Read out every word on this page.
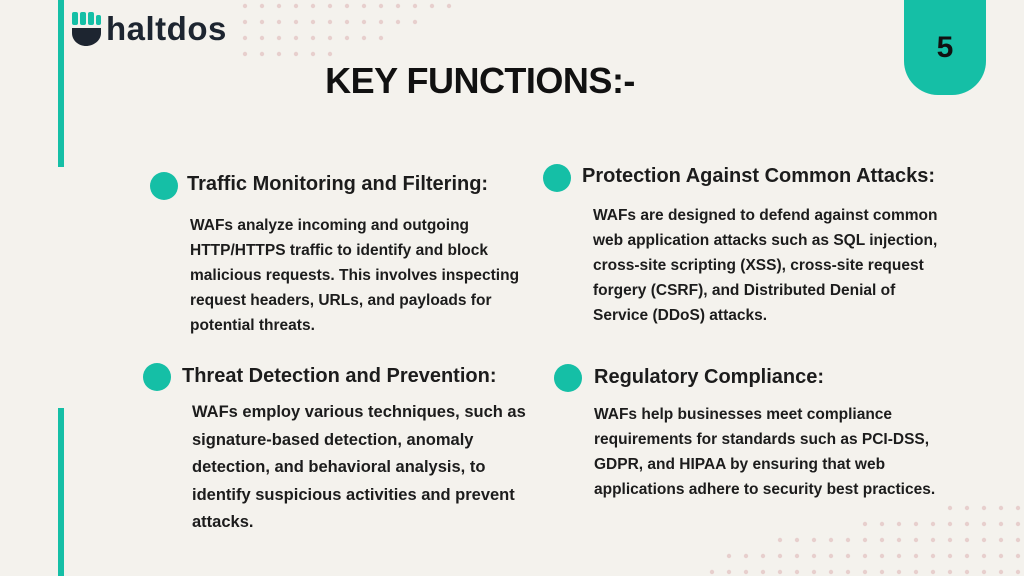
haltdos	5
KEY FUNCTIONS:-
Traffic Monitoring and Filtering:
WAFs analyze incoming and outgoing HTTP/HTTPS traffic to identify and block malicious requests. This involves inspecting request headers, URLs, and payloads for potential threats.
Protection Against Common Attacks:
WAFs are designed to defend against common web application attacks such as SQL injection, cross-site scripting (XSS), cross-site request forgery (CSRF), and Distributed Denial of Service (DDoS) attacks.
Threat Detection and Prevention:
WAFs employ various techniques, such as signature-based detection, anomaly detection, and behavioral analysis, to identify suspicious activities and prevent attacks.
Regulatory Compliance:
WAFs help businesses meet compliance requirements for standards such as PCI-DSS, GDPR, and HIPAA by ensuring that web applications adhere to security best practices.
